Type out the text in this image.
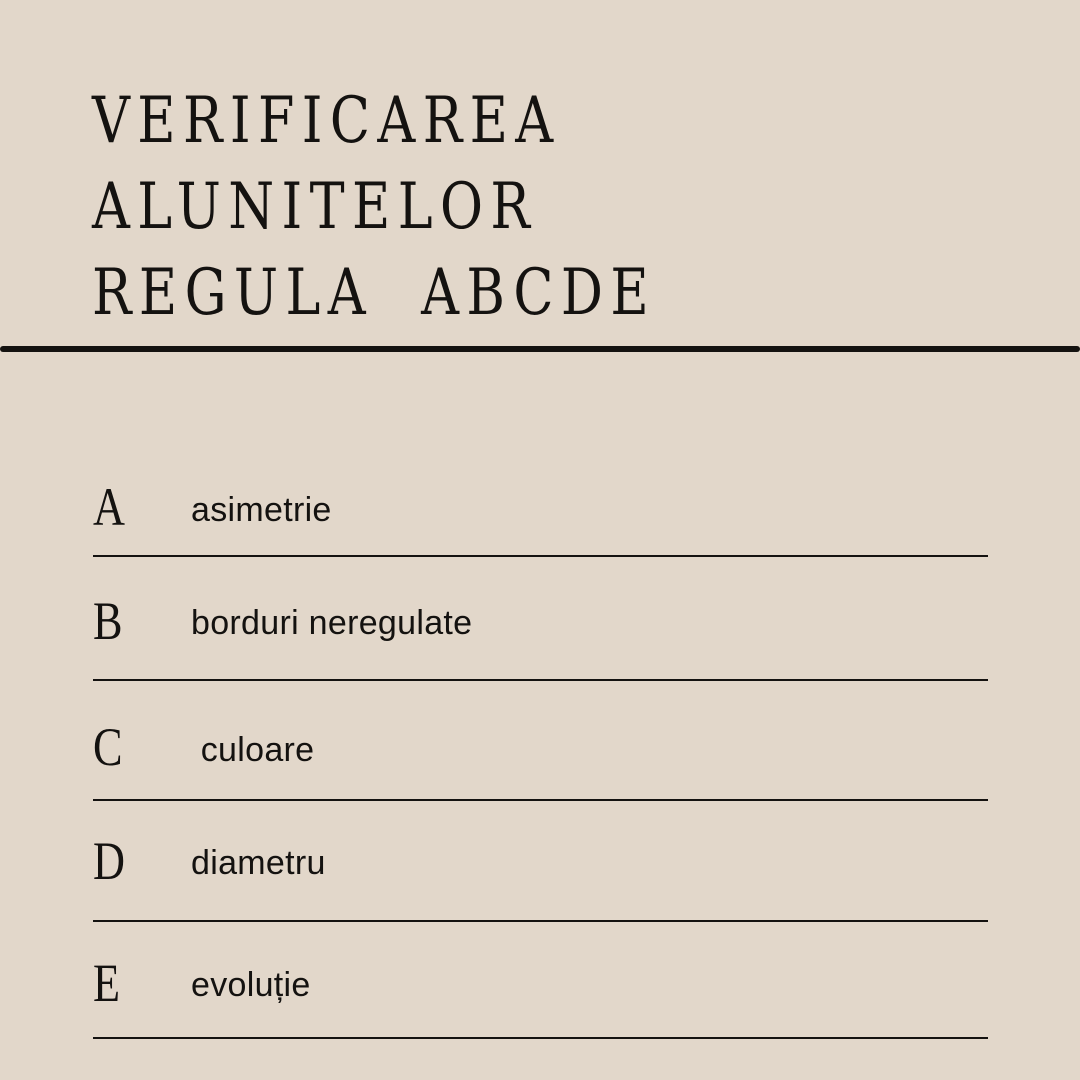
VERIFICAREA
ALUNITELOR
REGULA  ABCDE
A asimetrie
B borduri neregulate
C culoare
D diametru
E evoluție
